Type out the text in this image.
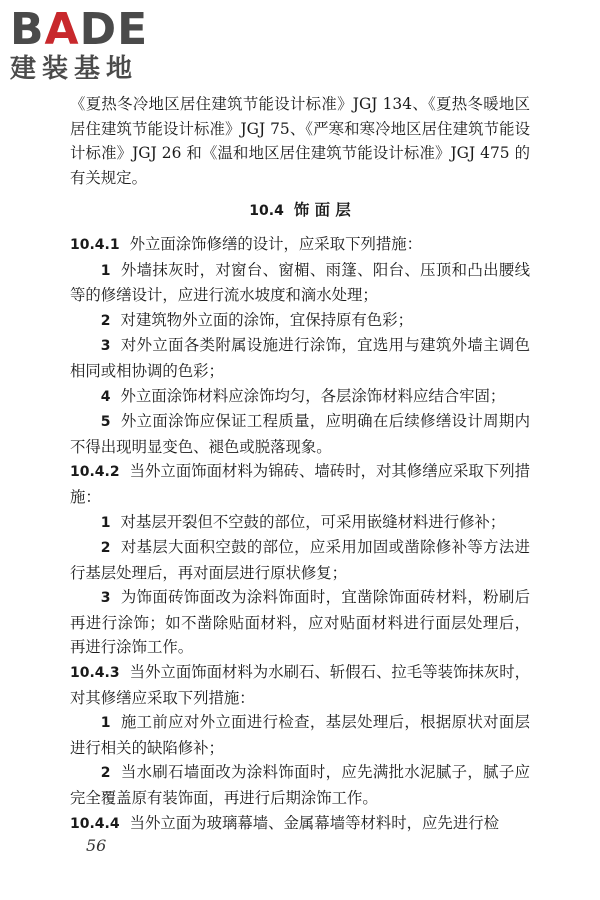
BADE
建装基地

《夏热冬冷地区居住建筑节能设计标准》JGJ 134、《夏热冬暖地区居住建筑节能设计标准》JGJ 75、《严寒和寒冷地区居住建筑节能设计标准》JGJ 26 和《温和地区居住建筑节能设计标准》JGJ 475 的有关规定。

10.4 饰 面 层

10.4.1 外立面涂饰修缮的设计，应采取下列措施：

1 外墙抹灰时，对窗台、窗楣、雨篷、阳台、压顶和凸出腰线等的修缮设计，应进行流水坡度和滴水处理；

2 对建筑物外立面的涂饰，宜保持原有色彩；

3 对外立面各类附属设施进行涂饰，宜选用与建筑外墙主调色相同或相协调的色彩；

4 外立面涂饰材料应涂饰均匀，各层涂饰材料应结合牢固；

5 外立面涂饰应保证工程质量，应明确在后续修缮设计周期内不得出现明显变色、褪色或脱落现象。

10.4.2 当外立面饰面材料为锦砖、墙砖时，对其修缮应采取下列措施：

1 对基层开裂但不空鼓的部位，可采用嵌缝材料进行修补；

2 对基层大面积空鼓的部位，应采用加固或凿除修补等方法进行基层处理后，再对面层进行原状修复；

3 为饰面砖饰面改为涂料饰面时，宜凿除饰面砖材料，粉刷后再进行涂饰；如不凿除贴面材料，应对贴面材料进行面层处理后，再进行涂饰工作。

10.4.3 当外立面饰面材料为水刷石、斩假石、拉毛等装饰抹灰时，对其修缮应采取下列措施：

1 施工前应对外立面进行检查，基层处理后，根据原状对面层进行相关的缺陷修补；

2 当水刷石墙面改为涂料饰面时，应先满批水泥腻子，腻子应完全覆盖原有装饰面，再进行后期涂饰工作。

10.4.4 当外立面为玻璃幕墙、金属幕墙等材料时，应先进行检

56
